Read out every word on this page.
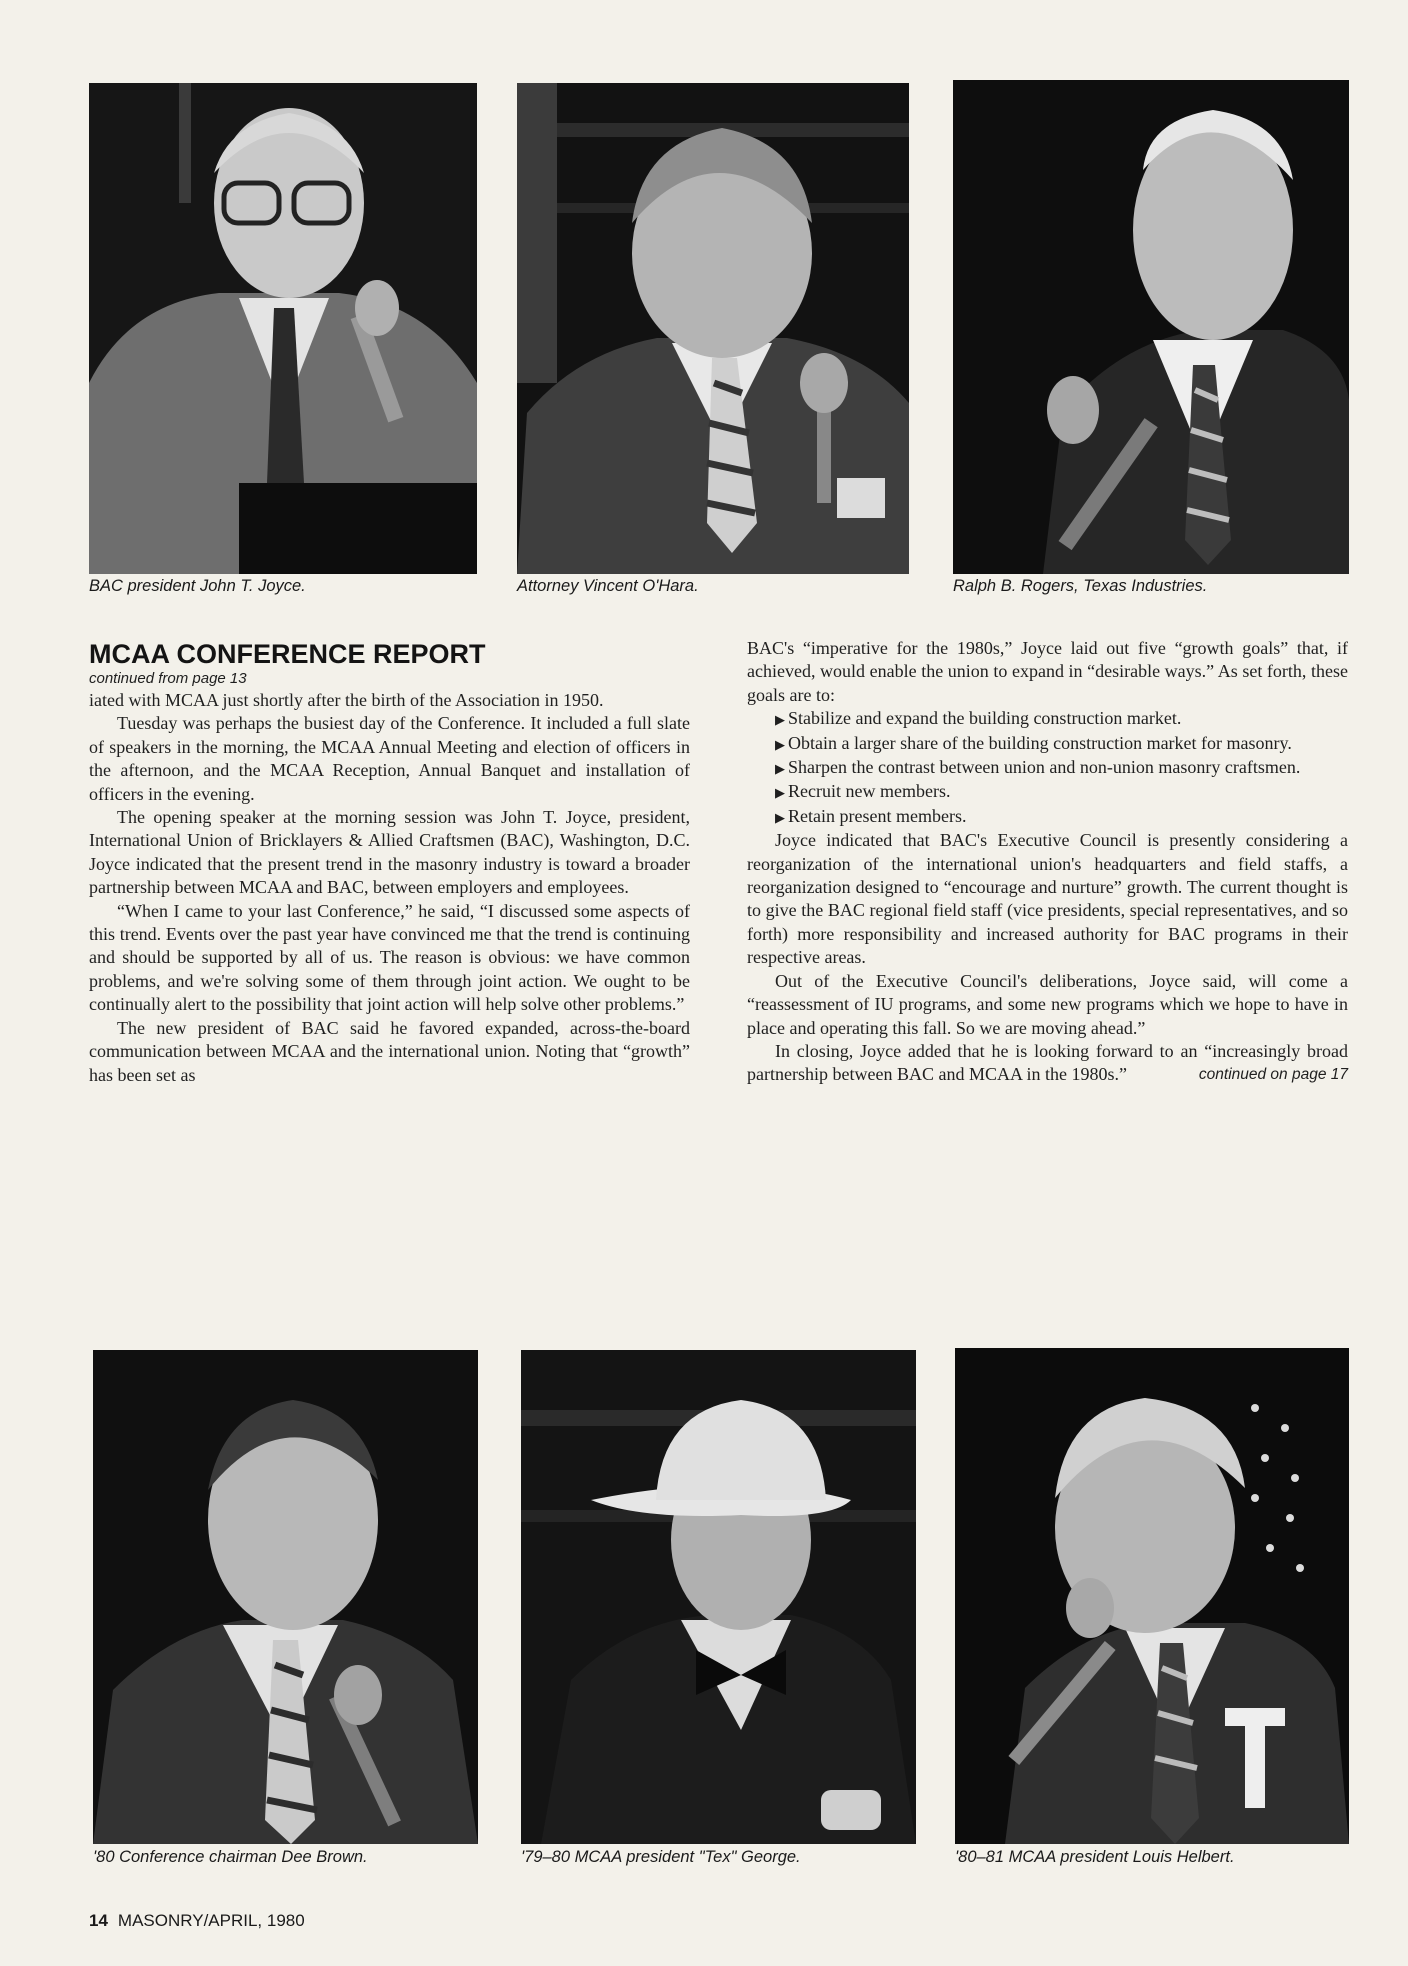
BAC president John T. Joyce.	Attorney Vincent O'Hara.	Ralph B. Rogers, Texas Industries.
MCAA CONFERENCE REPORT

continued from page 13

iated with MCAA just shortly after the birth of the Association in 1950.

Tuesday was perhaps the busiest day of the Conference. It included a full slate of speakers in the morning, the MCAA Annual Meeting and election of officers in the afternoon, and the MCAA Reception, Annual Banquet and installation of officers in the evening.

The opening speaker at the morning session was John T. Joyce, president, International Union of Bricklayers & Allied Craftsmen (BAC), Washington, D.C. Joyce indicated that the present trend in the masonry industry is toward a broader partnership between MCAA and BAC, between employers and employees.

“When I came to your last Conference,” he said, “I discussed some aspects of this trend. Events over the past year have convinced me that the trend is continuing and should be supported by all of us. The reason is obvious: we have common problems, and we're solving some of them through joint action. We ought to be continually alert to the possibility that joint action will help solve other problems.”

The new president of BAC said he favored expanded, across-the-board communication between MCAA and the international union. Noting that “growth” has been set as

BAC's “imperative for the 1980s,” Joyce laid out five “growth goals” that, if achieved, would enable the union to expand in “desirable ways.” As set forth, these goals are to:

▶ Stabilize and expand the building construction market.

▶ Obtain a larger share of the building construction market for masonry.

▶ Sharpen the contrast between union and non-union masonry craftsmen.

▶ Recruit new members.

▶ Retain present members.

Joyce indicated that BAC's Executive Council is presently considering a reorganization of the international union's headquarters and field staffs, a reorganization designed to “encourage and nurture” growth. The current thought is to give the BAC regional field staff (vice presidents, special representatives, and so forth) more responsibility and increased authority for BAC programs in their respective areas.

Out of the Executive Council's deliberations, Joyce said, will come a “reassessment of IU programs, and some new programs which we hope to have in place and operating this fall. So we are moving ahead.”

In closing, Joyce added that he is looking forward to an “increasingly broad partnership between BAC and MCAA in the 1980s.”	continued on page 17

'80 Conference chairman Dee Brown.	'79–80 MCAA president "Tex" George.	'80–81 MCAA president Louis Helbert.
14 MASONRY/APRIL, 1980
